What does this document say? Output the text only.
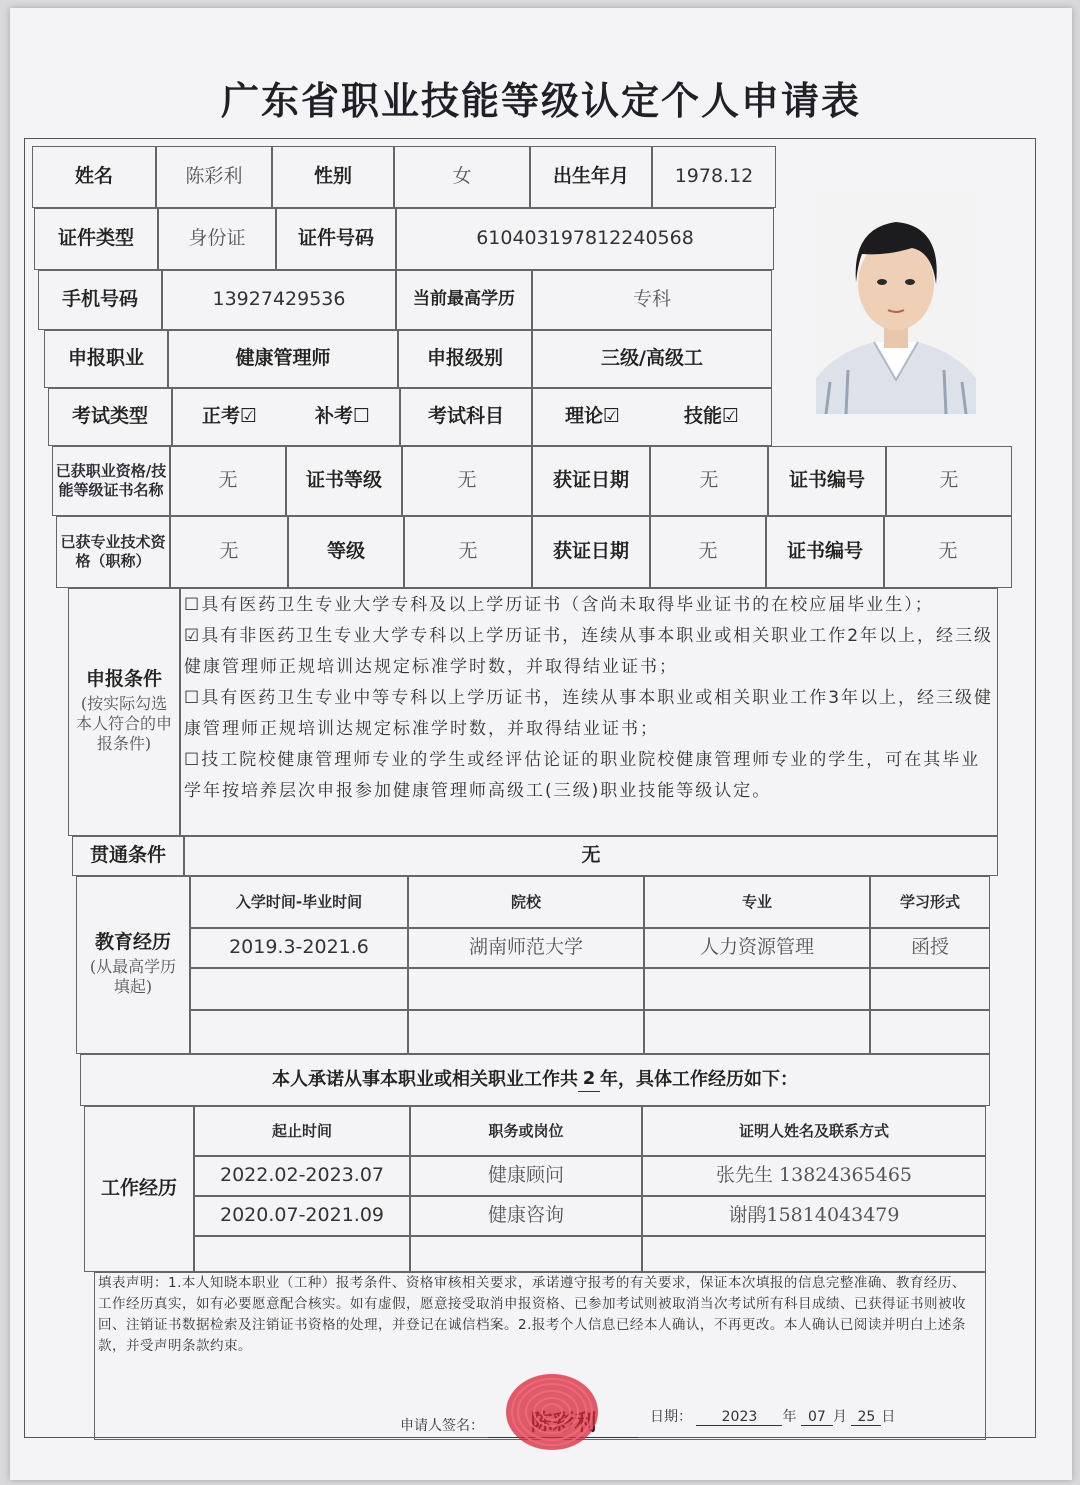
广东省职业技能等级认定个人申请表
姓名	陈彩利	性别	女	出生年月	1978.12
证件类型	身份证	证件号码	610403197812240568
手机号码	13927429536	当前最高学历	专科
申报职业	健康管理师	申报级别	三级/高级工
考试类型	正考☑	补考☐	考试科目	理论☑	技能☑
已获职业资格/技能等级证书名称	无	证书等级	无	获证日期	无	证书编号	无
已获专业技术资格（职称）	无	等级	无	获证日期	无	证书编号	无
申报条件
(按实际勾选本人符合的申报条件)

☐具有医药卫生专业大学专科及以上学历证书（含尚未取得毕业证书的在校应届毕业生）；

☑具有非医药卫生专业大学专科以上学历证书，连续从事本职业或相关职业工作2年以上，经三级健康管理师正规培训达规定标准学时数，并取得结业证书；

☐具有医药卫生专业中等专科以上学历证书，连续从事本职业或相关职业工作3年以上，经三级健康管理师正规培训达规定标准学时数，并取得结业证书；

☐技工院校健康管理师专业的学生或经评估论证的职业院校健康管理师专业的学生，可在其毕业学年按培养层次申报参加健康管理师高级工(三级)职业技能等级认定。

贯通条件	无
教育经历
(从最高学历填起)
入学时间-毕业时间	院校	专业	学习形式
2019.3-2021.6	湖南师范大学	人力资源管理	函授
本人承诺从事本职业或相关职业工作共 2 年，具体工作经历如下：
工作经历
起止时间	职务或岗位	证明人姓名及联系方式
2022.02-2023.07	健康顾问	张先生 13824365465
2020.07-2021.09	健康咨询	谢鹃15814043479
填表声明：1.本人知晓本职业（工种）报考条件、资格审核相关要求，承诺遵守报考的有关要求，保证本次填报的信息完整准确、教育经历、工作经历真实，如有必要愿意配合核实。如有虚假，愿意接受取消申报资格、已参加考试则被取消当次考试所有科目成绩、已获得证书则被收回、注销证书数据检索及注销证书资格的处理，并登记在诚信档案。2.报考个人信息已经本人确认，不再更改。本人确认已阅读并明白上述条款，并受声明条款约束。
申请人签名：
日期： 2023 年 07 月 25 日
